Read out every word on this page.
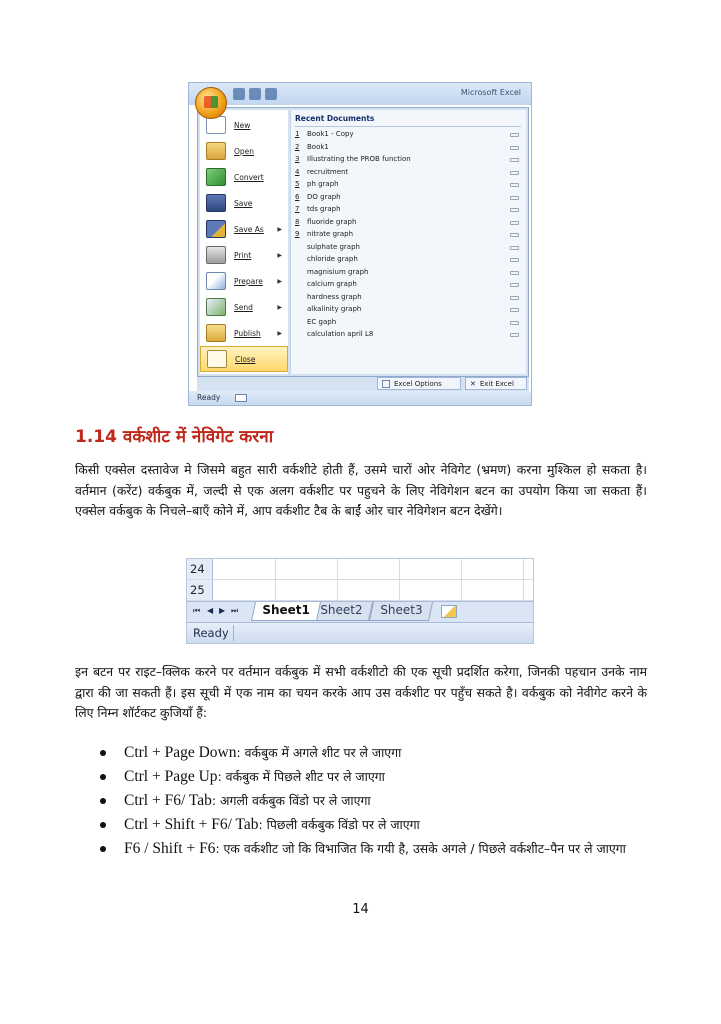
Microsoft Excel
New
Open
Convert
Save
Save As ▶
Print	▶
Prepare ▶
Send	▶
Publish	▶
Close
Recent Documents
1	Book1 - Copy
2	Book1
3	Illustrating the PROB function
4	recruitment
5	ph graph
6	DO graph
7	tds graph
8	fluoride graph
9	nitrate graph
sulphate graph
chloride graph
magnisium graph
calcium graph
hardness graph
alkalinity graph
EC gaph
calculation april L8
Excel Options	✕ Exit Excel
Ready
1.14 वर्कशीट में नेविगेट करना
किसी एक्सेल दस्तावेज मे जिसमे बहुत सारी वर्कशीटे होती हैं, उसमे चारों ओर नेविगेट (भ्रमण) करना मुश्किल हो सकता है। वर्तमान (करेंट) वर्कबुक में, जल्दी से एक अलग वर्कशीट पर पहुचने के लिए नेविगेशन बटन का उपयोग किया जा सकता हैं। एक्सेल वर्कबुक के निचले–बाएँ कोने में, आप वर्कशीट टैब के बाईं ओर चार नेविगेशन बटन देखेंगे।
24
25
⏮ ◀ ▶ ⏭	Sheet1 Sheet2	Sheet3
Ready
इन बटन पर राइट–क्लिक करने पर वर्तमान वर्कबुक में सभी वर्कशीटो की एक सूची प्रदर्शित करेगा, जिनकी पहचान उनके नाम द्वारा की जा सकती हैं। इस सूची में एक नाम का चयन करके आप उस वर्कशीट पर पहुँच सकते है। वर्कबुक को नेवीगेट करने के लिए निम्न शॉर्टकट कुजियाँ हैं:
Ctrl + Page Down: वर्कबुक में अगले शीट पर ले जाएगा
Ctrl + Page Up: वर्कबुक में पिछले शीट पर ले जाएगा
Ctrl + F6/ Tab: अगली वर्कबुक विंडो पर ले जाएगा
Ctrl + Shift + F6/ Tab: पिछली वर्कबुक विंडो पर ले जाएगा
F6 / Shift + F6: एक वर्कशीट जो कि विभाजित कि गयी है, उसके अगले / पिछले वर्कशीट–पैन पर ले जाएगा
14
